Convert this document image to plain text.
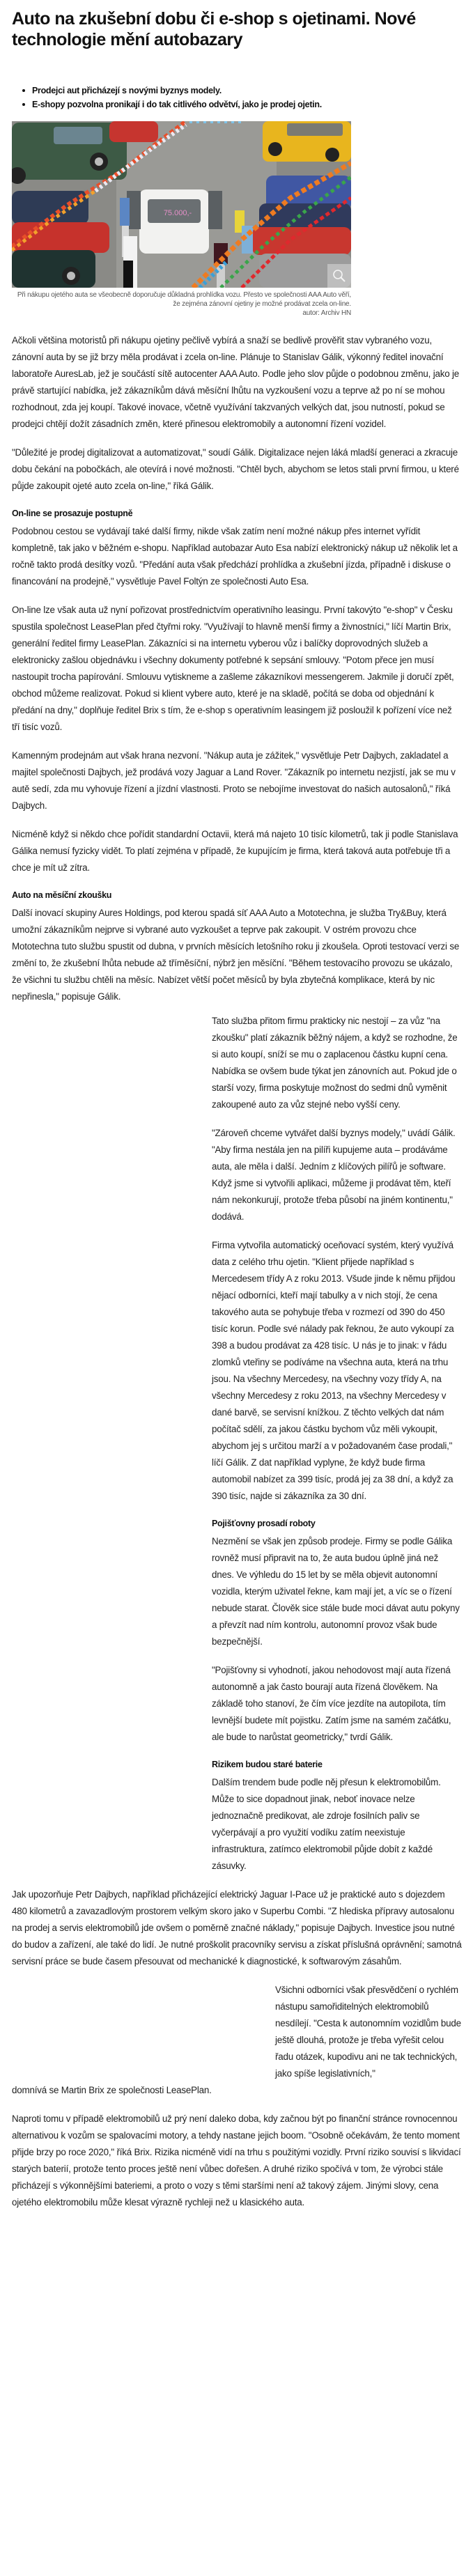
Auto na zkušební dobu či e-shop s ojetinami. Nové technologie mění autobazary
Prodejci aut přicházejí s novými byznys modely.
E-shopy pozvolna pronikají i do tak citlivého odvětví, jako je prodej ojetin.
75.000,-
Při nákupu ojetého auta se všeobecně doporučuje důkladná prohlídka vozu. Přesto ve společnosti AAA Auto věří, že zejména zánovní ojetiny je možné prodávat zcela on-line.
autor: Archiv HN

Ačkoli většina motoristů při nákupu ojetiny pečlivě vybírá a snaží se bedlivě prověřit stav vybraného vozu, zánovní auta by se již brzy měla prodávat i zcela on-line. Plánuje to Stanislav Gálik, výkonný ředitel inovační laboratoře AuresLab, jež je součástí sítě autocenter AAA Auto. Podle jeho slov půjde o podobnou změnu, jako je právě startující nabídka, jež zákazníkům dává měsíční lhůtu na vyzkoušení vozu a teprve až po ní se mohou rozhodnout, zda jej koupí. Takové inovace, včetně využívání takzvaných velkých dat, jsou nutností, pokud se prodejci chtějí dožít zásadních změn, které přinesou elektromobily a autonomní řízení vozidel.

"Důležité je prodej digitalizovat a automatizovat," soudí Gálik. Digitalizace nejen láká mladší generaci a zkracuje dobu čekání na pobočkách, ale otevírá i nové možnosti. "Chtěl bych, abychom se letos stali první firmou, u které půjde zakoupit ojeté auto zcela on-line," říká Gálik.

On-line se prosazuje postupně

Podobnou cestou se vydávají také další firmy, nikde však zatím není možné nákup přes internet vyřídit kompletně, tak jako v běžném e-shopu. Například autobazar Auto Esa nabízí elektronický nákup už několik let a ročně takto prodá desítky vozů. "Předání auta však předchází prohlídka a zkušební jízda, případně i diskuse o financování na prodejně," vysvětluje Pavel Foltýn ze společnosti Auto Esa.

On-line lze však auta už nyní pořizovat prostřednictvím operativního leasingu. První takovýto "e-shop" v Česku spustila společnost LeasePlan před čtyřmi roky. "Využívají to hlavně menší firmy a živnostníci," líčí Martin Brix, generální ředitel firmy LeasePlan. Zákazníci si na internetu vyberou vůz i balíčky doprovodných služeb a elektronicky zašlou objednávku i všechny dokumenty potřebné k sepsání smlouvy. "Potom přece jen musí nastoupit trocha papírování. Smlouvu vytiskneme a zašleme zákazníkovi messengerem. Jakmile ji doručí zpět, obchod můžeme realizovat. Pokud si klient vybere auto, které je na skladě, počítá se doba od objednání k předání na dny," doplňuje ředitel Brix s tím, že e-shop s operativním leasingem již posloužil k pořízení více než tří tisíc vozů.

Kamenným prodejnám aut však hrana nezvoní. "Nákup auta je zážitek," vysvětluje Petr Dajbych, zakladatel a majitel společnosti Dajbych, jež prodává vozy Jaguar a Land Rover. "Zákazník po internetu nezjistí, jak se mu v autě sedí, zda mu vyhovuje řízení a jízdní vlastnosti. Proto se nebojíme investovat do našich autosalonů," říká Dajbych.

Nicméně když si někdo chce pořídit standardní Octavii, která má najeto 10 tisíc kilometrů, tak ji podle Stanislava Gálika nemusí fyzicky vidět. To platí zejména v případě, že kupujícím je firma, která taková auta potřebuje tři a chce je mít už zítra.

Auto na měsíční zkoušku

Další inovací skupiny Aures Holdings, pod kterou spadá síť AAA Auto a Mototechna, je služba Try&Buy, která umožní zákazníkům nejprve si vybrané auto vyzkoušet a teprve pak zakoupit. V ostrém provozu chce Mototechna tuto službu spustit od dubna, v prvních měsících letošního roku ji zkoušela. Oproti testovací verzi se změní to, že zkušební lhůta nebude až tříměsíční, nýbrž jen měsíční. "Během testovacího provozu se ukázalo, že všichni tu službu chtěli na měsíc. Nabízet větší počet měsíců by byla zbytečná komplikace, která by nic nepřinesla," popisuje Gálik.

Tato služba přitom firmu prakticky nic nestojí – za vůz "na zkoušku" platí zákazník běžný nájem, a když se rozhodne, že si auto koupí, sníží se mu o zaplacenou částku kupní cena. Nabídka se ovšem bude týkat jen zánovních aut. Pokud jde o starší vozy, firma poskytuje možnost do sedmi dnů vyměnit zakoupené auto za vůz stejné nebo vyšší ceny.

"Zároveň chceme vytvářet další byznys modely," uvádí Gálik. "Aby firma nestála jen na pilíři kupujeme auta – prodáváme auta, ale měla i další. Jedním z klíčových pilířů je software. Když jsme si vytvořili aplikaci, můžeme ji prodávat těm, kteří nám nekonkurují, protože třeba působí na jiném kontinentu," dodává.

Firma vytvořila automatický oceňovací systém, který využívá data z celého trhu ojetin. "Klient přijede například s Mercedesem třídy A z roku 2013. Všude jinde k němu přijdou nějací odborníci, kteří mají tabulky a v nich stojí, že cena takového auta se pohybuje třeba v rozmezí od 390 do 450 tisíc korun. Podle své nálady pak řeknou, že auto vykoupí za 398 a budou prodávat za 428 tisíc. U nás je to jinak: v řádu zlomků vteřiny se podíváme na všechna auta, která na trhu jsou. Na všechny Mercedesy, na všechny vozy třídy A, na všechny Mercedesy z roku 2013, na všechny Mercedesy v dané barvě, se servisní knížkou. Z těchto velkých dat nám počítač sdělí, za jakou částku bychom vůz měli vykoupit, abychom jej s určitou marží a v požadovaném čase prodali," líčí Gálik. Z dat například vyplyne, že když bude firma automobil nabízet za 399 tisíc, prodá jej za 38 dní, a když za 390 tisíc, najde si zákazníka za 30 dní.

Pojišťovny prosadí roboty

Nezmění se však jen způsob prodeje. Firmy se podle Gálika rovněž musí připravit na to, že auta budou úplně jiná než dnes. Ve výhledu do 15 let by se měla objevit autonomní vozidla, kterým uživatel řekne, kam mají jet, a víc se o řízení nebude starat. Člověk sice stále bude moci dávat autu pokyny a převzít nad ním kontrolu, autonomní provoz však bude bezpečnější.

"Pojišťovny si vyhodnotí, jakou nehodovost mají auta řízená autonomně a jak často bourají auta řízená člověkem. Na základě toho stanoví, že čím více jezdíte na autopilota, tím levnější budete mít pojistku. Zatím jsme na samém začátku, ale bude to narůstat geometricky," tvrdí Gálik.

Rizikem budou staré baterie

Dalším trendem bude podle něj přesun k elektromobilům. Může to sice dopadnout jinak, neboť inovace nelze jednoznačně predikovat, ale zdroje fosilních paliv se vyčerpávají a pro využití vodíku zatím neexistuje infrastruktura, zatímco elektromobil půjde dobít z každé zásuvky.

Jak upozorňuje Petr Dajbych, například přicházející elektrický Jaguar I-Pace už je praktické auto s dojezdem 480 kilometrů a zavazadlovým prostorem velkým skoro jako v Superbu Combi. "Z hlediska přípravy autosalonu na prodej a servis elektromobilů jde ovšem o poměrně značné náklady," popisuje Dajbych. Investice jsou nutné do budov a zařízení, ale také do lidí. Je nutné proškolit pracovníky servisu a získat příslušná oprávnění; samotná servisní práce se bude časem přesouvat od mechanické k diagnostické, k softwarovým zásahům.

Všichni odborníci však přesvědčení o rychlém nástupu samořiditelných elektromobilů nesdílejí. "Cesta k autonomním vozidlům bude ještě dlouhá, protože je třeba vyřešit celou řadu otázek, kupodivu ani ne tak technických, jako spíše legislativních,"

domnívá se Martin Brix ze společnosti LeasePlan.

Naproti tomu v případě elektromobilů už prý není daleko doba, kdy začnou být po finanční stránce rovnocennou alternativou k vozům se spalovacími motory, a tehdy nastane jejich boom. "Osobně očekávám, že tento moment přijde brzy po roce 2020," říká Brix. Rizika nicméně vidí na trhu s použitými vozidly. První riziko souvisí s likvidací starých baterií, protože tento proces ještě není vůbec dořešen. A druhé riziko spočívá v tom, že výrobci stále přicházejí s výkonnějšími bateriemi, a proto o vozy s těmi staršími není až takový zájem. Jinými slovy, cena ojetého elektromobilu může klesat výrazně rychleji než u klasického auta.
